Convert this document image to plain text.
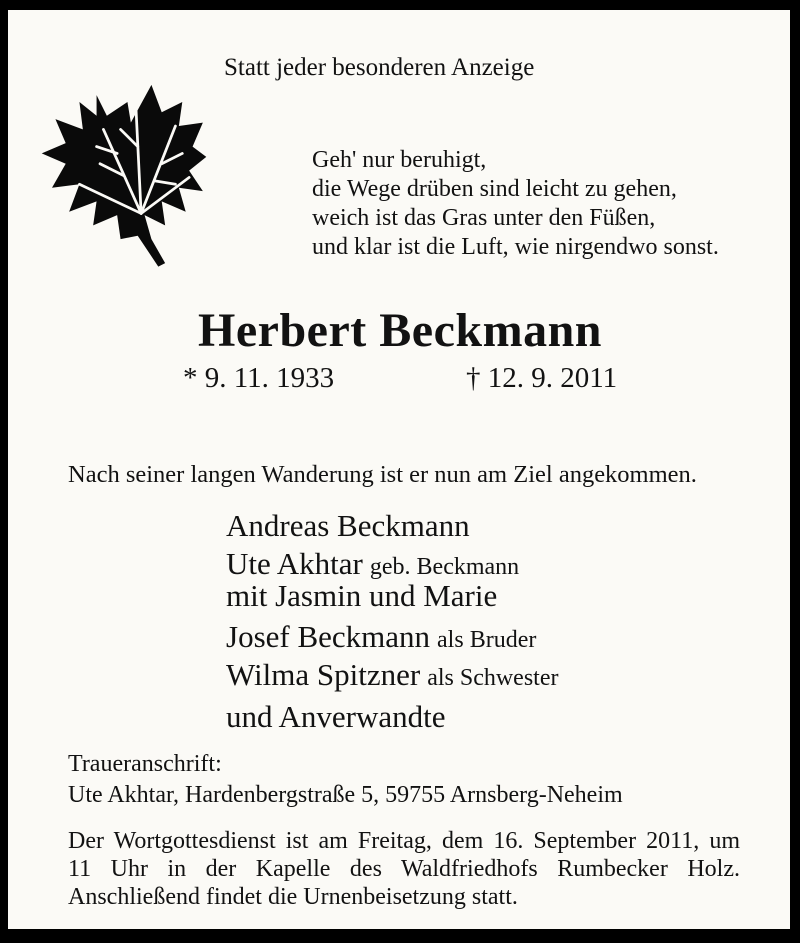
Statt jeder besonderen Anzeige
Geh' nur beruhigt,
die Wege drüben sind leicht zu gehen,
weich ist das Gras unter den Füßen,
und klar ist die Luft, wie nirgendwo sonst.
Herbert Beckmann
* 9. 11. 1933	† 12. 9. 2011
Nach seiner langen Wanderung ist er nun am Ziel angekommen.
Andreas Beckmann
Ute Akhtar geb. Beckmann
mit Jasmin und Marie
Josef Beckmann als Bruder
Wilma Spitzner als Schwester
und Anverwandte
Traueranschrift:
Ute Akhtar, Hardenbergstraße 5, 59755 Arnsberg-Neheim
Der Wortgottesdienst ist am Freitag, dem 16. September 2011, um
11 Uhr in der Kapelle des Waldfriedhofs Rumbecker Holz.
Anschließend findet die Urnenbeisetzung statt.
